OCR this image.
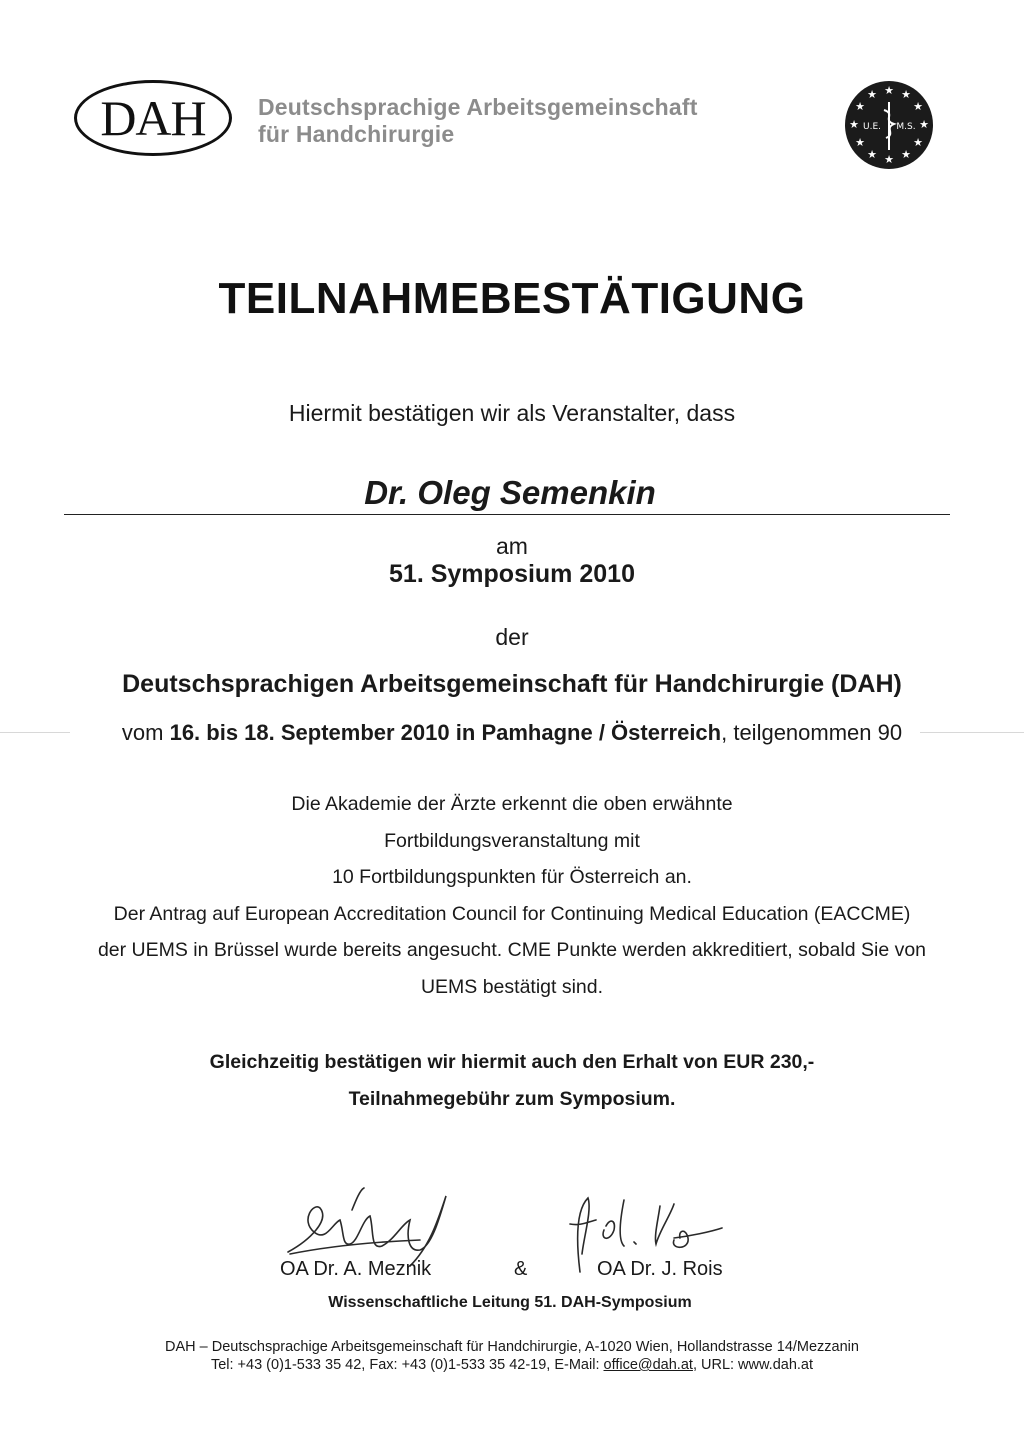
DAH Deutschsprachige Arbeitsgemeinschaft
für Handchirurgie
★ ★
★
★
★
★
★
★
★
★
★
★
U.E. M.S.
TEILNAHMEBESTÄTIGUNG
Hiermit bestätigen wir als Veranstalter, dass
Dr. Oleg Semenkin
am
51. Symposium 2010
der
Deutschsprachigen Arbeitsgemeinschaft für Handchirurgie (DAH)
vom 16. bis 18. September 2010 in Pamhagne / Österreich, teilgenommen 90
Die Akademie der Ärzte erkennt die oben erwähnte
Fortbildungsveranstaltung mit
10 Fortbildungspunkten für Österreich an.
Der Antrag auf European Accreditation Council for Continuing Medical Education (EACCME)
der UEMS in Brüssel wurde bereits angesucht. CME Punkte werden akkreditiert, sobald Sie von
UEMS bestätigt sind.
Gleichzeitig bestätigen wir hiermit auch den Erhalt von EUR 230,-
Teilnahmegebühr zum Symposium.
OA Dr. A. Meznik	&	OA Dr. J. Rois
Wissenschaftliche Leitung 51. DAH-Symposium
DAH – Deutschsprachige Arbeitsgemeinschaft für Handchirurgie, A-1020 Wien, Hollandstrasse 14/Mezzanin
Tel: +43 (0)1-533 35 42, Fax: +43 (0)1-533 35 42-19, E-Mail: office@dah.at, URL: www.dah.at
